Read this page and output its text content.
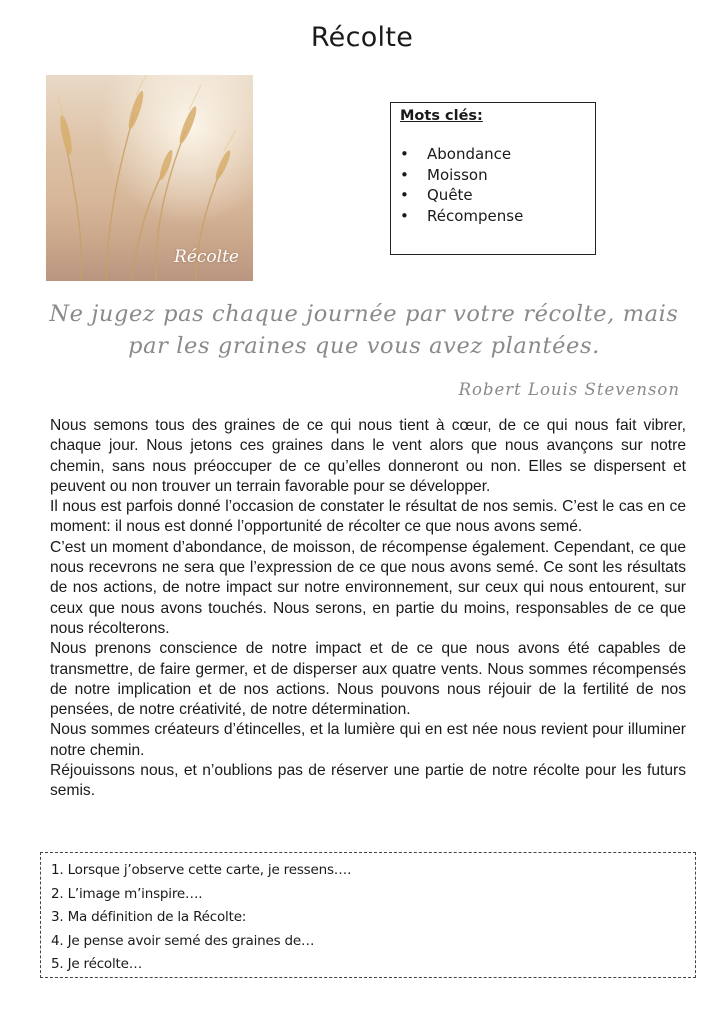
Récolte
Récolte
Mots clés:
• Abondance
• Moisson
• Quête
• Récompense
Ne jugez pas chaque journée par votre récolte, mais
par les graines que vous avez plantées.
Robert Louis Stevenson

Nous semons tous des graines de ce qui nous tient à cœur, de ce qui nous fait vibrer, chaque jour. Nous jetons ces graines dans le vent alors que nous avançons sur notre chemin, sans nous préoccuper de ce qu’elles donneront ou non. Elles se dispersent et peuvent ou non trouver un terrain favorable pour se développer.

Il nous est parfois donné l’occasion de constater le résultat de nos semis. C’est le cas en ce moment: il nous est donné l’opportunité de récolter ce que nous avons semé.

C’est un moment d’abondance, de moisson, de récompense également. Cependant, ce que nous recevrons ne sera que l’expression de ce que nous avons semé. Ce sont les résultats de nos actions, de notre impact sur notre environnement, sur ceux qui nous entourent, sur ceux que nous avons touchés. Nous serons, en partie du moins, responsables de ce que nous récolterons.

Nous prenons conscience de notre impact et de ce que nous avons été capables de transmettre, de faire germer, et de disperser aux quatre vents. Nous sommes récompensés de notre implication et de nos actions. Nous pouvons nous réjouir de la fertilité de nos pensées, de notre créativité, de notre détermination.

Nous sommes créateurs d’étincelles, et la lumière qui en est née nous revient pour illuminer notre chemin.

Réjouissons nous, et n’oublions pas de réserver une partie de notre récolte pour les futurs semis.

1. Lorsque j’observe cette carte, je ressens….
2. L’image m’inspire….
3. Ma définition de la Récolte:
4. Je pense avoir semé des graines de…
5. Je récolte…
